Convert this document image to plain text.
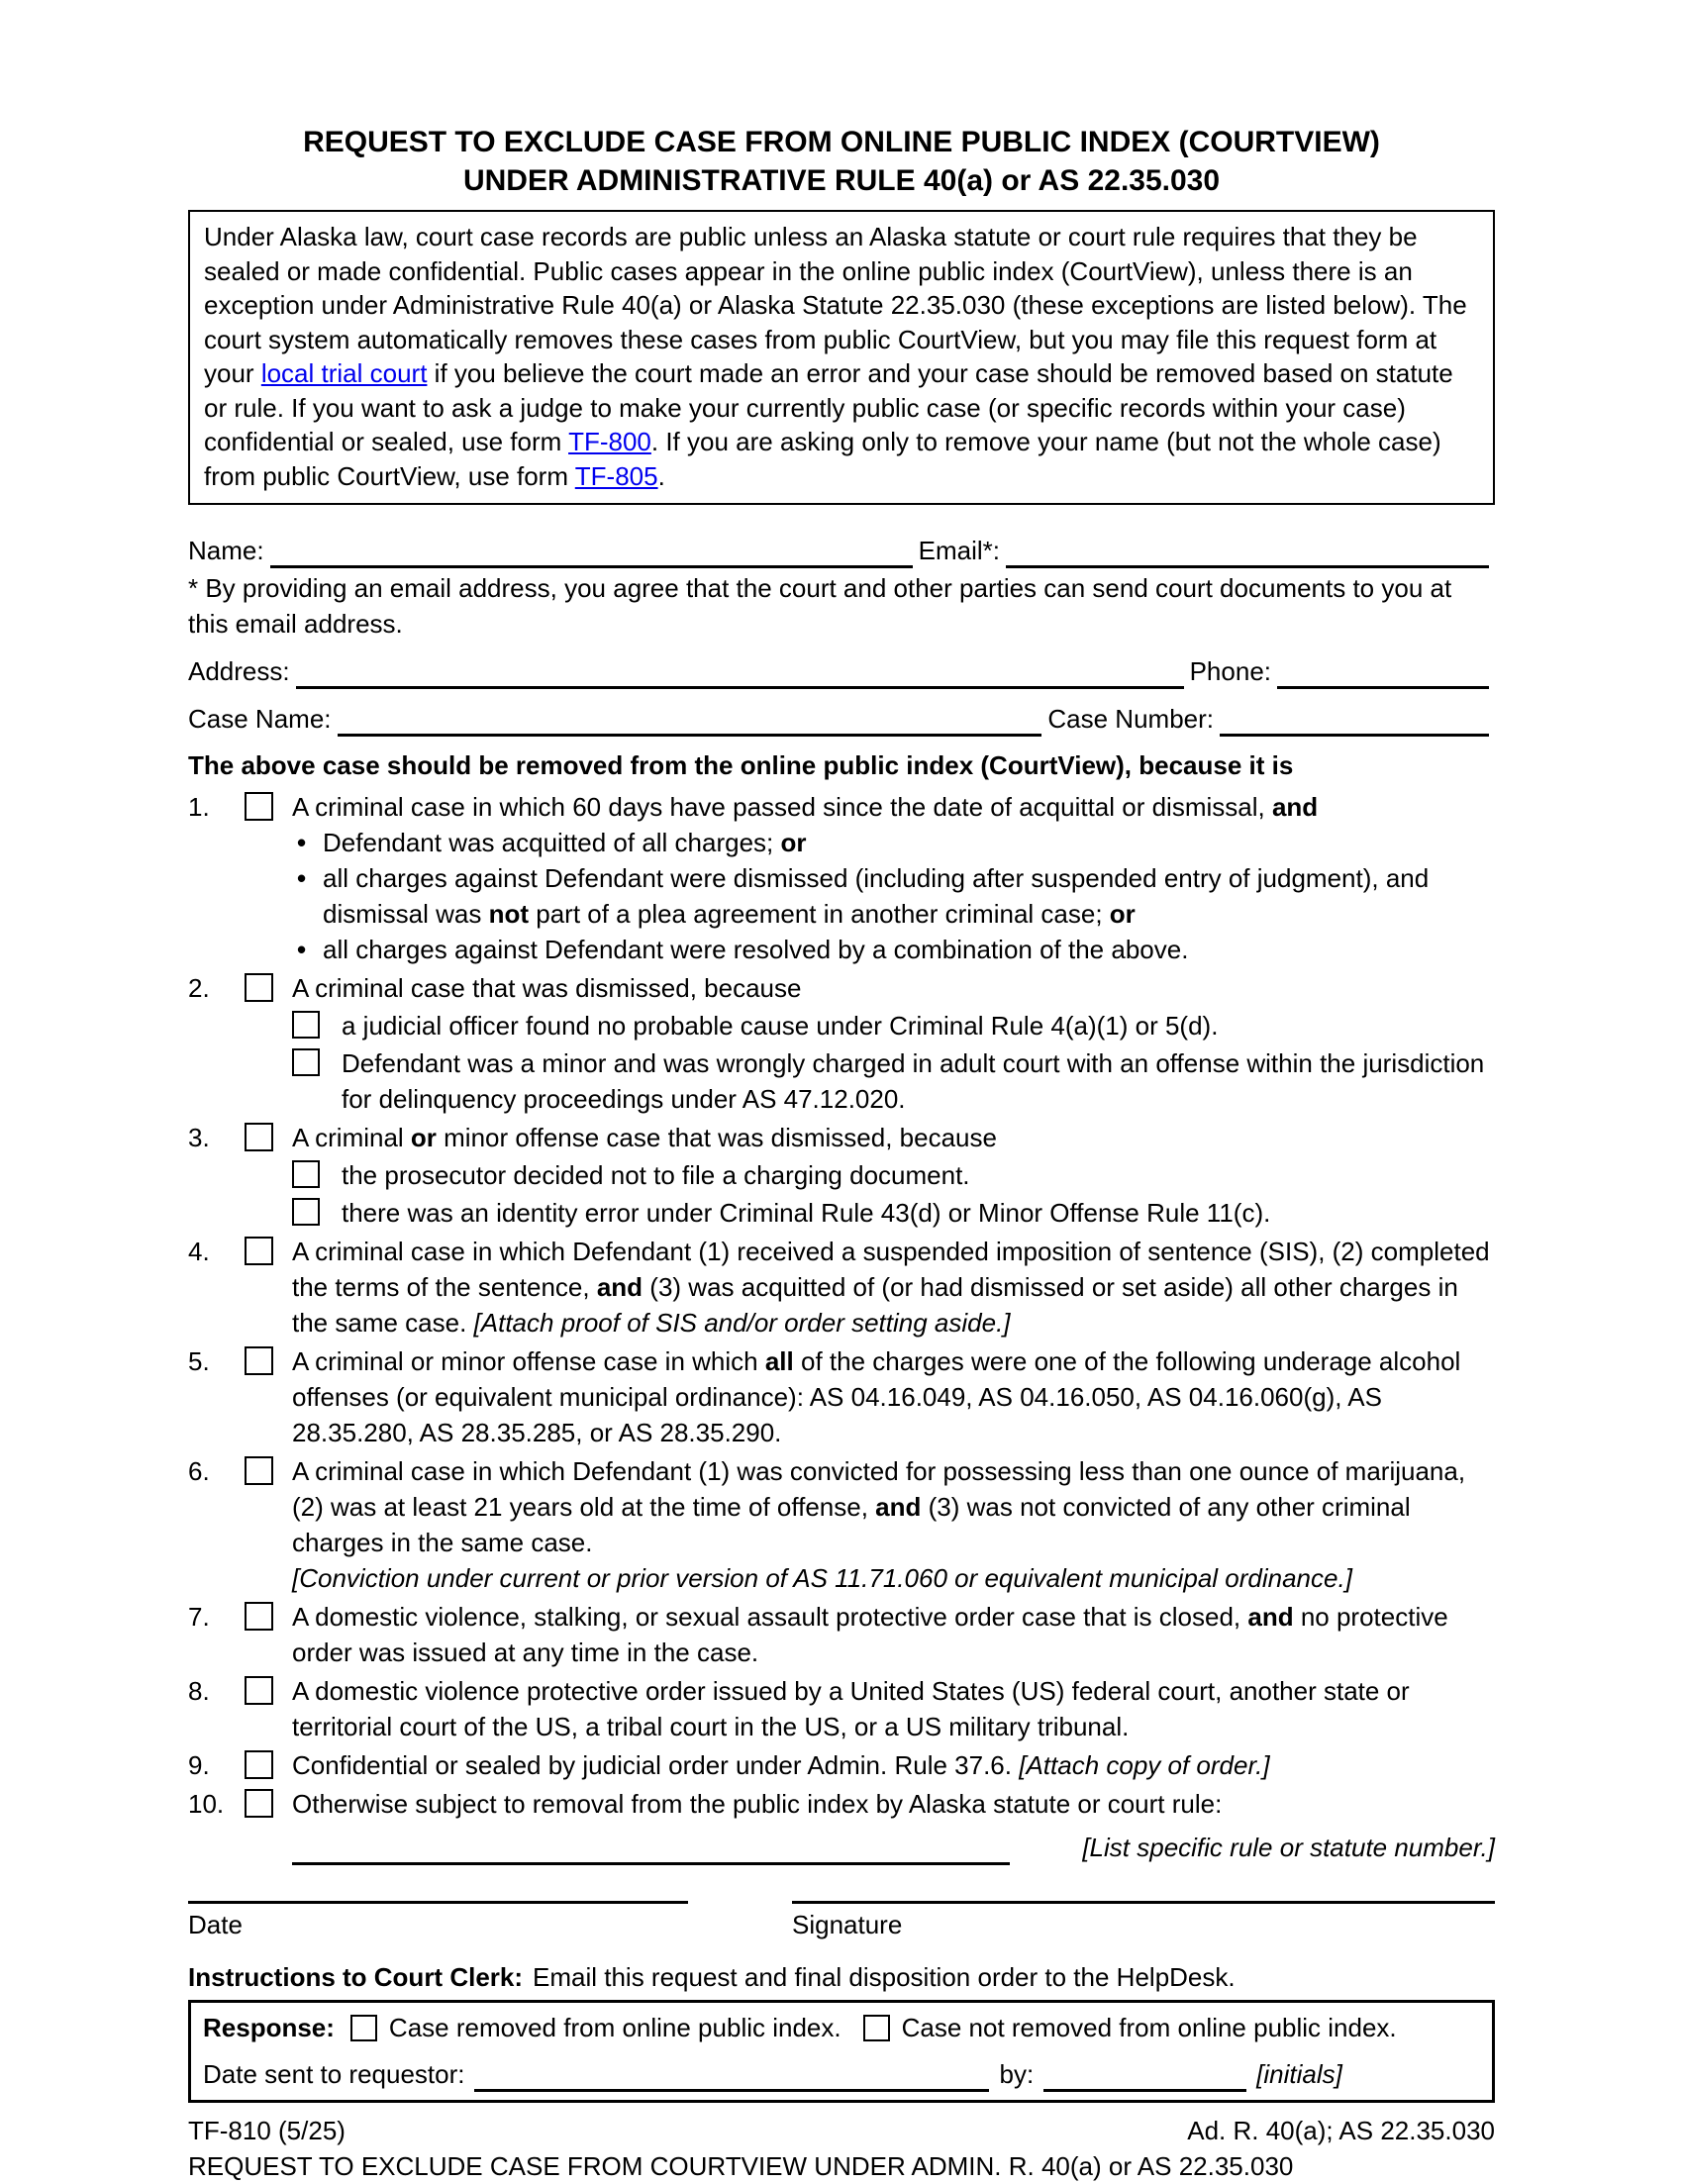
REQUEST TO EXCLUDE CASE FROM ONLINE PUBLIC INDEX (COURTVIEW)
UNDER ADMINISTRATIVE RULE 40(a) or AS 22.35.030
Under Alaska law, court case records are public unless an Alaska statute or court rule requires that they be sealed or made confidential. Public cases appear in the online public index (CourtView), unless there is an exception under Administrative Rule 40(a) or Alaska Statute 22.35.030 (these exceptions are listed below). The court system automatically removes these cases from public CourtView, but you may file this request form at your local trial court if you believe the court made an error and your case should be removed based on statute or rule. If you want to ask a judge to make your currently public case (or specific records within your case) confidential or sealed, use form TF-800. If you are asking only to remove your name (but not the whole case) from public CourtView, use form TF-805.
Name:	Email*:
* By providing an email address, you agree that the court and other parties can send court documents to you at this email address.
Address:	Phone:
Case Name:	Case Number:
The above case should be removed from the online public index (CourtView), because it is
1.	A criminal case in which 60 days have passed since the date of acquittal or dismissal, and
•
Defendant was acquitted of all charges; or
•
all charges against Defendant were dismissed (including after suspended entry of judgment), and dismissal was not part of a plea agreement in another criminal case; or
•
all charges against Defendant were resolved by a combination of the above.
2.	A criminal case that was dismissed, because
a judicial officer found no probable cause under Criminal Rule 4(a)(1) or 5(d).
Defendant was a minor and was wrongly charged in adult court with an offense within the jurisdiction for delinquency proceedings under AS 47.12.020.
3.	A criminal or minor offense case that was dismissed, because
the prosecutor decided not to file a charging document.
there was an identity error under Criminal Rule 43(d) or Minor Offense Rule 11(c).
4.	A criminal case in which Defendant (1) received a suspended imposition of sentence (SIS), (2) completed the terms of the sentence, and (3) was acquitted of (or had dismissed or set aside) all other charges in the same case. [Attach proof of SIS and/or order setting aside.]
5.	A criminal or minor offense case in which all of the charges were one of the following underage alcohol offenses (or equivalent municipal ordinance): AS 04.16.049, AS 04.16.050, AS 04.16.060(g), AS 28.35.280, AS 28.35.285, or AS 28.35.290.
6.	A criminal case in which Defendant (1) was convicted for possessing less than one ounce of marijuana, (2) was at least 21 years old at the time of offense, and (3) was not convicted of any other criminal charges in the same case.
[Conviction under current or prior version of AS 11.71.060 or equivalent municipal ordinance.]
7.	A domestic violence, stalking, or sexual assault protective order case that is closed, and no protective order was issued at any time in the case.
8.	A domestic violence protective order issued by a United States (US) federal court, another state or territorial court of the US, a tribal court in the US, or a US military tribunal.
9.	Confidential or sealed by judicial order under Admin. Rule 37.6. [Attach copy of order.]
10.	Otherwise subject to removal from the public index by Alaska statute or court rule:
[List specific rule or statute number.]
Date	Signature
Instructions to Court Clerk: Email this request and final disposition order to the HelpDesk.
Response: Case removed from online public index. Case not removed from online public index.
Date sent to requestor:	by:	[initials]
TF-810 (5/25)	Ad. R. 40(a); AS 22.35.030
REQUEST TO EXCLUDE CASE FROM COURTVIEW UNDER ADMIN. R. 40(a) or AS 22.35.030
